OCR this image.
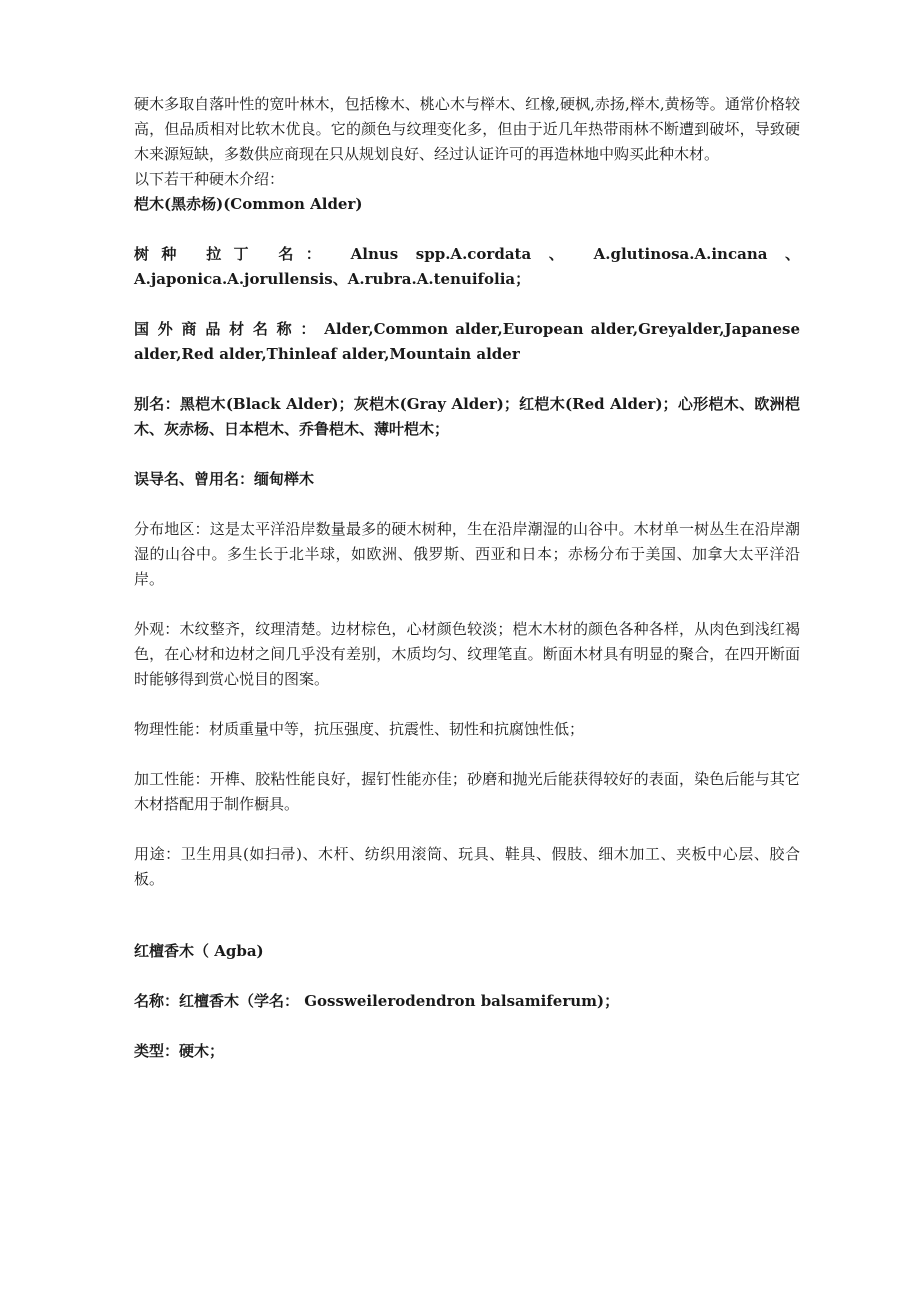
硬木多取自落叶性的宽叶林木，包括橡木、桃心木与榉木、红橡,硬枫,赤扬,榉木,黄杨等。通常价格较高，但品质相对比软木优良。它的颜色与纹理变化多，但由于近几年热带雨林不断遭到破坏，导致硬木来源短缺，多数供应商现在只从规划良好、经过认证许可的再造林地中购买此种木材。

以下若干种硬木介绍：

桤木(黑赤杨)(Common Alder)

树种 拉丁 名： Alnus spp.A.cordata 、 A.glutinosa.A.incana 、 A.japonica.A.jorullensis、A.rubra.A.tenuifolia；

国 外 商 品 材 名 称 ： Alder,Common alder,European alder,Greyalder,Japanese alder,Red alder,Thinleaf alder,Mountain alder

别名：黑桤木(Black Alder)；灰桤木(Gray Alder)；红桤木(Red Alder)；心形桤木、欧洲桤木、灰赤杨、日本桤木、乔鲁桤木、薄叶桤木；

误导名、曾用名：缅甸榉木

分布地区：这是太平洋沿岸数量最多的硬木树种，生在沿岸潮湿的山谷中。木材单一树丛生在沿岸潮湿的山谷中。多生长于北半球，如欧洲、俄罗斯、西亚和日本；赤杨分布于美国、加拿大太平洋沿岸。

外观：木纹整齐，纹理清楚。边材棕色，心材颜色较淡；桤木木材的颜色各种各样，从肉色到浅红褐色，在心材和边材之间几乎没有差别，木质均匀、纹理笔直。断面木材具有明显的聚合，在四开断面时能够得到赏心悦目的图案。

物理性能：材质重量中等，抗压强度、抗震性、韧性和抗腐蚀性低；

加工性能：开榫、胶粘性能良好，握钉性能亦佳；砂磨和抛光后能获得较好的表面，染色后能与其它木材搭配用于制作橱具。

用途：卫生用具(如扫帚)、木杆、纺织用滚筒、玩具、鞋具、假肢、细木加工、夹板中心层、胶合板。

红檀香木（ Agba)

名称：红檀香木（学名： Gossweilerodendron balsamiferum)；

类型：硬木；
